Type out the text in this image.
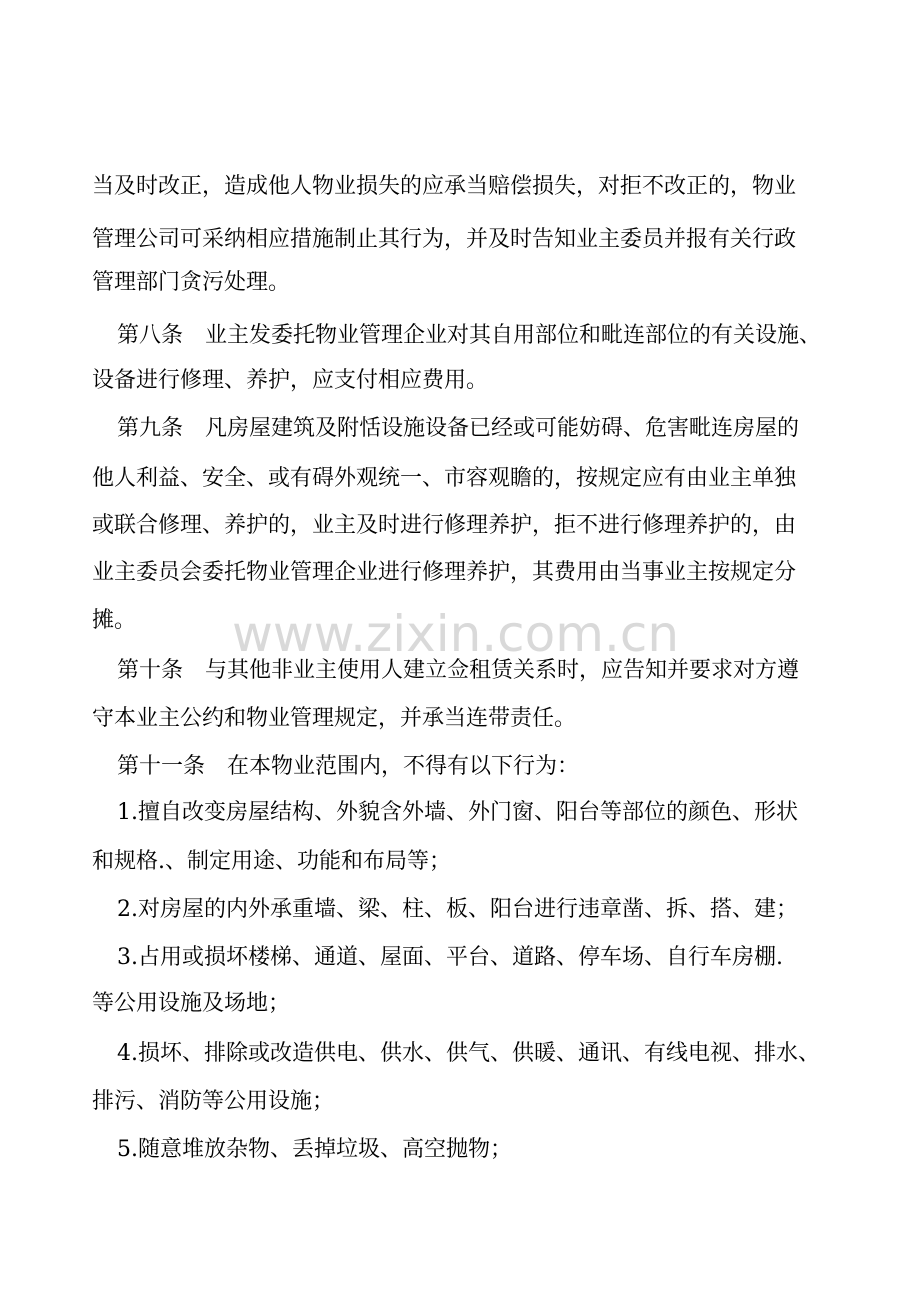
www.zixin.com.cn
当及时改正，造成他人物业损失的应承当赔偿损失，对拒不改正的，物业
管理公司可采纳相应措施制止其行为，并及时告知业主委员并报有关行政
管理部门贪污处理。
第八条　业主发委托物业管理企业对其自用部位和毗连部位的有关设施、
设备进行修理、养护，应支付相应费用。
第九条　凡房屋建筑及附恬设施设备已经或可能妨碍、危害毗连房屋的
他人利益、安全、或有碍外观统一、市容观瞻的，按规定应有由业主单独
或联合修理、养护的，业主及时进行修理养护，拒不进行修理养护的，由
业主委员会委托物业管理企业进行修理养护，其费用由当事业主按规定分
摊。
第十条　与其他非业主使用人建立佥租赁关系时，应告知并要求对方遵
守本业主公约和物业管理规定，并承当连带责任。
第十一条　在本物业范围内，不得有以下行为：
1.擅自改变房屋结构、外貌含外墙、外门窗、阳台等部位的颜色、形状
和规格.、制定用途、功能和布局等；
2.对房屋的内外承重墙、梁、柱、板、阳台进行违章凿、拆、搭、建；
3.占用或损坏楼梯、通道、屋面、平台、道路、停车场、自行车房棚.
等公用设施及场地；
4.损坏、排除或改造供电、供水、供气、供暖、通讯、有线电视、排水、
排污、消防等公用设施；
5.随意堆放杂物、丢掉垃圾、高空抛物；
